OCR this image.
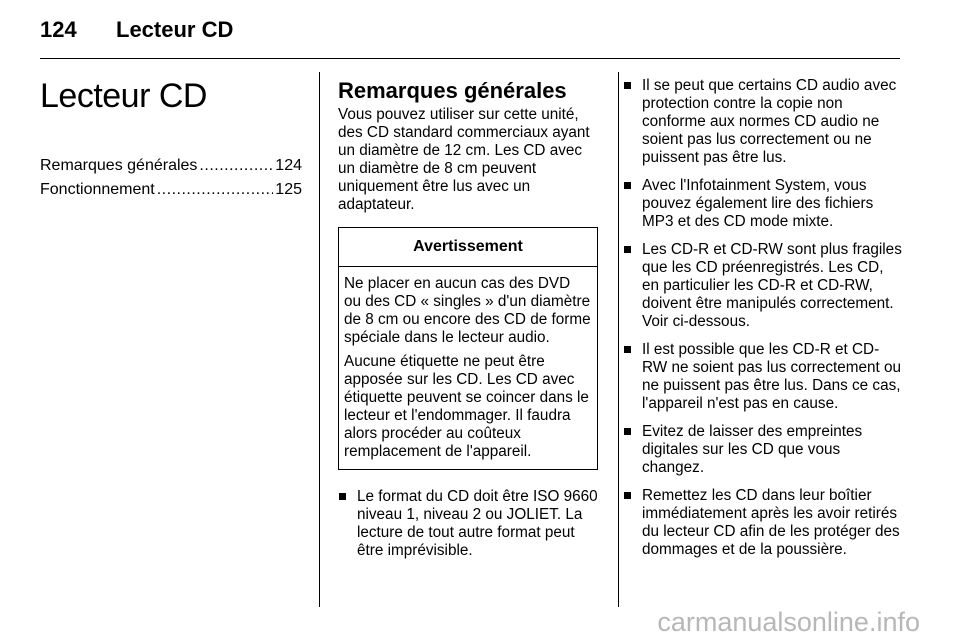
124 Lecteur CD
Lecteur CD
Remarques générales .....	124
Fonctionnement .....	125
Remarques générales

Vous pouvez utiliser sur cette unité, des CD standard commerciaux ayant un diamètre de 12 cm. Les CD avec un diamètre de 8 cm peuvent uniquement être lus avec un adaptateur.

Avertissement

Ne placer en aucun cas des DVD ou des CD « singles » d'un diamètre de 8 cm ou encore des CD de forme spéciale dans le lecteur audio.

Aucune étiquette ne peut être apposée sur les CD. Les CD avec étiquette peuvent se coincer dans le lecteur et l'endommager. Il faudra alors procéder au coûteux remplacement de l'appareil.

Le format du CD doit être ISO 9660 niveau 1, niveau 2 ou JOLIET. La lecture de tout autre format peut être imprévisible.
Il se peut que certains CD audio avec protection contre la copie non conforme aux normes CD audio ne soient pas lus correctement ou ne puissent pas être lus.
Avec l'Infotainment System, vous pouvez également lire des fichiers MP3 et des CD mode mixte.
Les CD-R et CD-RW sont plus fragiles que les CD préenregistrés. Les CD, en particulier les CD-R et CD-RW, doivent être manipulés correctement. Voir ci-dessous.
Il est possible que les CD-R et CD-RW ne soient pas lus correctement ou ne puissent pas être lus. Dans ce cas, l'appareil n'est pas en cause.
Evitez de laisser des empreintes digitales sur les CD que vous changez.
Remettez les CD dans leur boîtier immédiatement après les avoir retirés du lecteur CD afin de les protéger des dommages et de la poussière.
carmanualsonline.info
